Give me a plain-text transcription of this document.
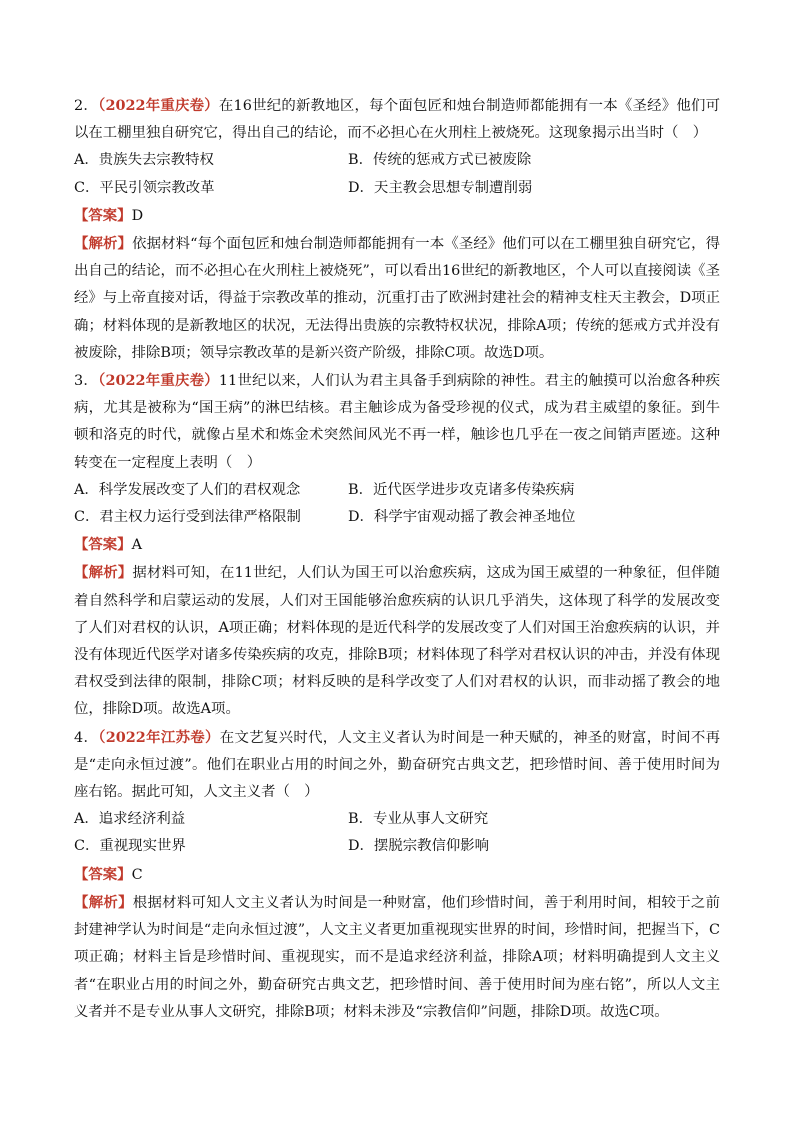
2．（2022年重庆卷）在16世纪的新教地区，每个面包匠和烛台制造师都能拥有一本《圣经》他们可以在工棚里独自研究它，得出自己的结论，而不必担心在火刑柱上被烧死。这现象揭示出当时（　）

A．贵族失去宗教特权	B．传统的惩戒方式已被废除
C．平民引领宗教改革	D．天主教会思想专制遭削弱

【答案】D

【解析】依据材料“每个面包匠和烛台制造师都能拥有一本《圣经》他们可以在工棚里独自研究它，得出自己的结论，而不必担心在火刑柱上被烧死”，可以看出16世纪的新教地区，个人可以直接阅读《圣经》与上帝直接对话，得益于宗教改革的推动，沉重打击了欧洲封建社会的精神支柱天主教会，D项正确；材料体现的是新教地区的状况，无法得出贵族的宗教特权状况，排除A项；传统的惩戒方式并没有被废除，排除B项；领导宗教改革的是新兴资产阶级，排除C项。故选D项。

3．（2022年重庆卷）11世纪以来，人们认为君主具备手到病除的神性。君主的触摸可以治愈各种疾病，尤其是被称为“国王病”的淋巴结核。君主触诊成为备受珍视的仪式，成为君主威望的象征。到牛顿和洛克的时代，就像占星术和炼金术突然间风光不再一样，触诊也几乎在一夜之间销声匿迹。这种转变在一定程度上表明（　）

A．科学发展改变了人们的君权观念	B．近代医学进步攻克诸多传染疾病
C．君主权力运行受到法律严格限制	D．科学宇宙观动摇了教会神圣地位

【答案】A

【解析】据材料可知，在11世纪，人们认为国王可以治愈疾病，这成为国王威望的一种象征，但伴随着自然科学和启蒙运动的发展，人们对王国能够治愈疾病的认识几乎消失，这体现了科学的发展改变了人们对君权的认识，A项正确；材料体现的是近代科学的发展改变了人们对国王治愈疾病的认识，并没有体现近代医学对诸多传染疾病的攻克，排除B项；材料体现了科学对君权认识的冲击，并没有体现君权受到法律的限制，排除C项；材料反映的是科学改变了人们对君权的认识，而非动摇了教会的地位，排除D项。故选A项。

4．（2022年江苏卷）在文艺复兴时代，人文主义者认为时间是一种天赋的，神圣的财富，时间不再是“走向永恒过渡”。他们在职业占用的时间之外，勤奋研究古典文艺，把珍惜时间、善于使用时间为座右铭。据此可知，人文主义者（　）

A．追求经济利益	B．专业从事人文研究
C．重视现实世界	D．摆脱宗教信仰影响

【答案】C

【解析】根据材料可知人文主义者认为时间是一种财富，他们珍惜时间，善于利用时间，相较于之前封建神学认为时间是“走向永恒过渡”，人文主义者更加重视现实世界的时间，珍惜时间，把握当下，C项正确；材料主旨是珍惜时间、重视现实，而不是追求经济利益，排除A项；材料明确提到人文主义者“在职业占用的时间之外，勤奋研究古典文艺，把珍惜时间、善于使用时间为座右铭”，所以人文主义者并不是专业从事人文研究，排除B项；材料未涉及“宗教信仰”问题，排除D项。故选C项。
